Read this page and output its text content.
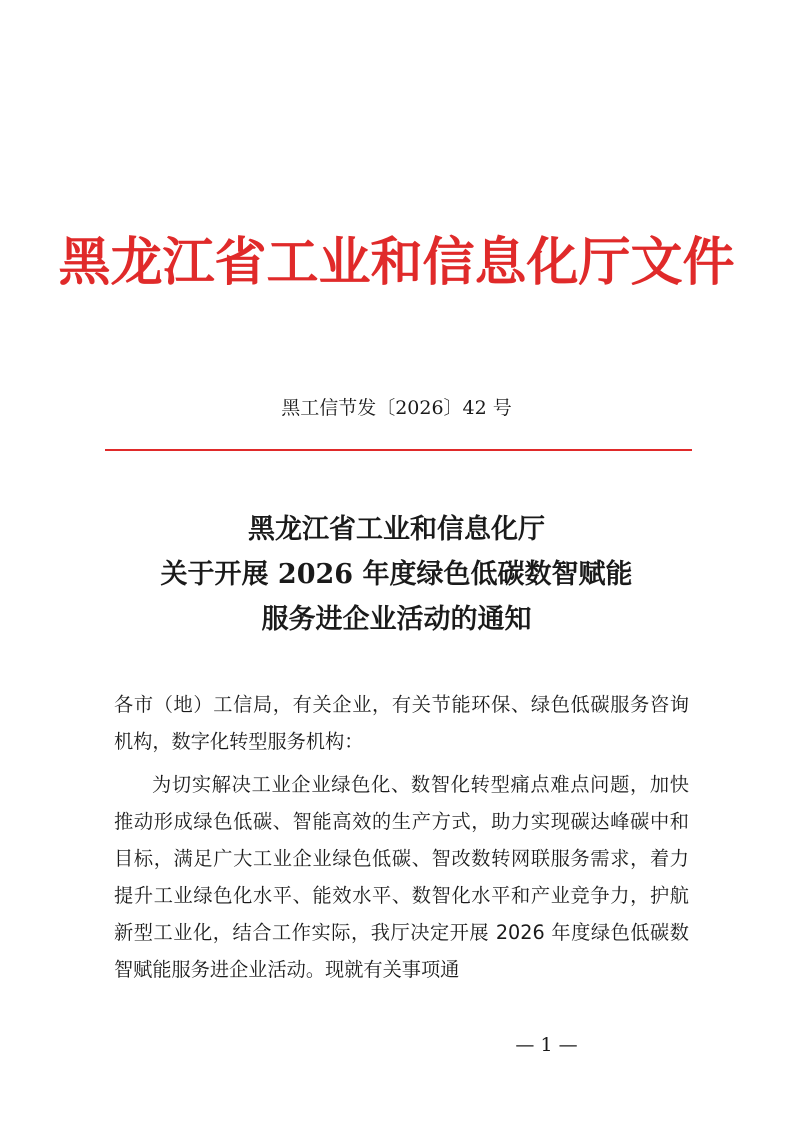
黑龙江省工业和信息化厅文件
黑工信节发〔2026〕42 号
黑龙江省工业和信息化厅
关于开展 2026 年度绿色低碳数智赋能
服务进企业活动的通知

各市（地）工信局，有关企业，有关节能环保、绿色低碳服务咨询机构，数字化转型服务机构：

为切实解决工业企业绿色化、数智化转型痛点难点问题，加快推动形成绿色低碳、智能高效的生产方式，助力实现碳达峰碳中和目标，满足广大工业企业绿色低碳、智改数转网联服务需求，着力提升工业绿色化水平、能效水平、数智化水平和产业竞争力，护航新型工业化，结合工作实际，我厅决定开展 2026 年度绿色低碳数智赋能服务进企业活动。现就有关事项通

— 1 —
